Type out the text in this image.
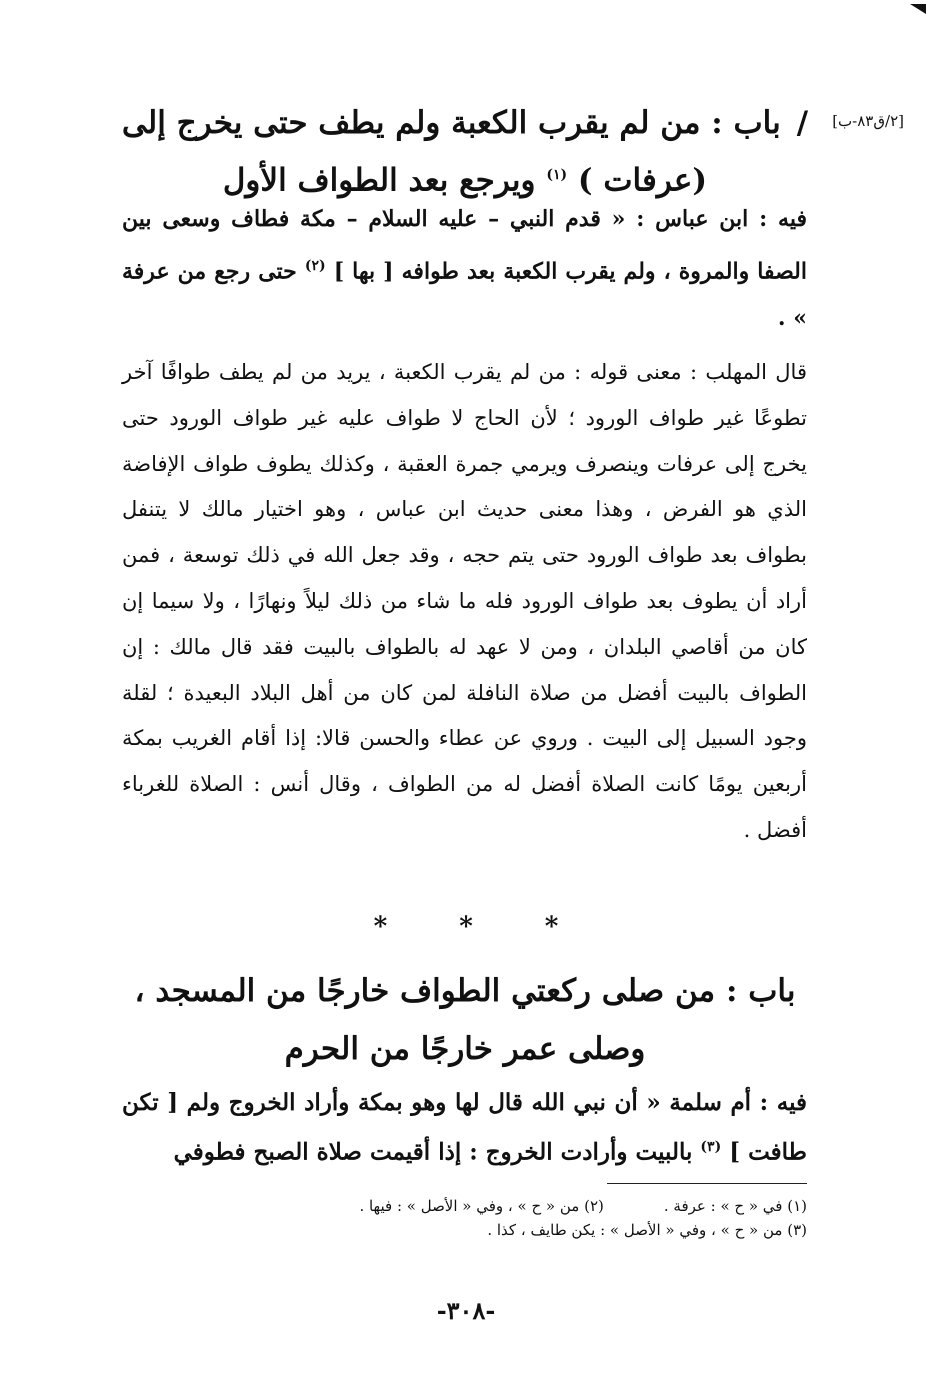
[٢/ق٨٣-ب]
/باب : من لم يقرب الكعبة ولم يطف حتى يخرج إلى
(عرفات ) $^{(١)}$ ويرجع بعد الطواف الأول
فيه : ابن عباس : « قدم النبي – عليه السلام – مكة فطاف وسعى بين الصفا والمروة ، ولم يقرب الكعبة بعد طوافه [ بها ] $^{(٢)}$ حتى رجع من عرفة » .
قال المهلب : معنى قوله : من لم يقرب الكعبة ، يريد من لم يطف طوافًا آخر تطوعًا غير طواف الورود ؛ لأن الحاج لا طواف عليه غير طواف الورود حتى يخرج إلى عرفات وينصرف ويرمي جمرة العقبة ، وكذلك يطوف طواف الإفاضة الذي هو الفرض ، وهذا معنى حديث ابن عباس ، وهو اختيار مالك لا يتنفل بطواف بعد طواف الورود حتى يتم حجه ، وقد جعل الله في ذلك توسعة ، فمن أراد أن يطوف بعد طواف الورود فله ما شاء من ذلك ليلاً ونهارًا ، ولا سيما إن كان من أقاصي البلدان ، ومن لا عهد له بالطواف بالبيت فقد قال مالك : إن الطواف بالبيت أفضل من صلاة النافلة لمن كان من أهل البلاد البعيدة ؛ لقلة وجود السبيل إلى البيت . وروي عن عطاء والحسن قالا: إذا أقام الغريب بمكة أربعين يومًا كانت الصلاة أفضل له من الطواف ، وقال أنس : الصلاة للغرباء أفضل .
*	*	*
باب : من صلى ركعتي الطواف خارجًا من المسجد ،
وصلى عمر خارجًا من الحرم
فيه : أم سلمة « أن نبي الله قال لها وهو بمكة وأراد الخروج ولم [ تكن طافت ] $^{(٣)}$ بالبيت وأرادت الخروج : إذا أقيمت صلاة الصبح فطوفي
(١) في « ح » : عرفة .
(٢) من « ح » ، وفي « الأصل » : فيها .
(٣) من « ح » ، وفي « الأصل » : يكن طايف ، كذا .
-٣٠٨-
